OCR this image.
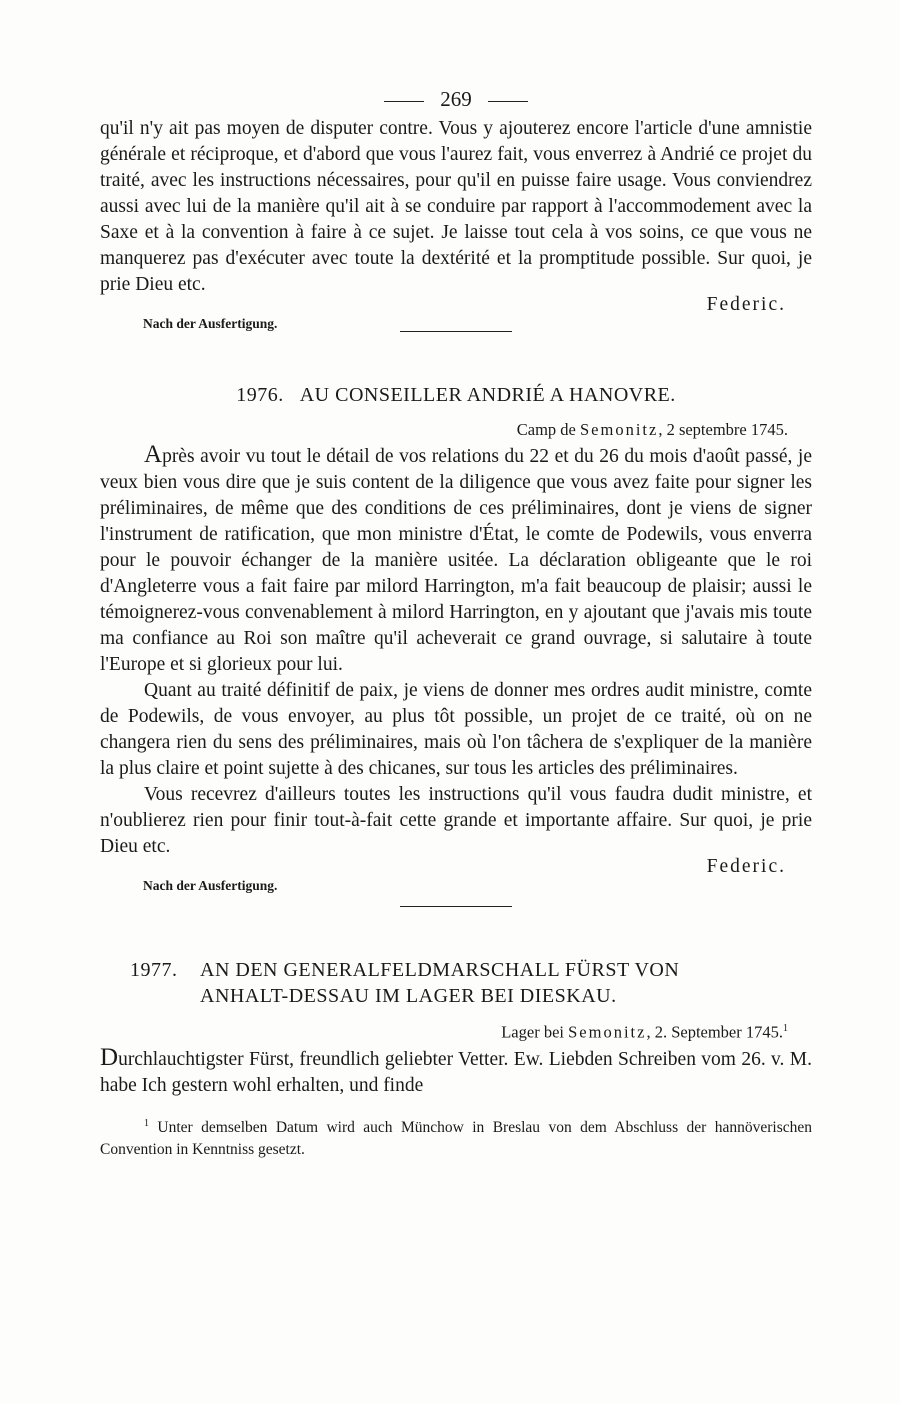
269

qu'il n'y ait pas moyen de disputer contre. Vous y ajouterez encore l'article d'une amnistie générale et réciproque, et d'abord que vous l'aurez fait, vous enverrez à Andrié ce projet du traité, avec les instructions nécessaires, pour qu'il en puisse faire usage. Vous conviendrez aussi avec lui de la manière qu'il ait à se conduire par rapport à l'accommodement avec la Saxe et à la convention à faire à ce sujet. Je laisse tout cela à vos soins, ce que vous ne manquerez pas d'exécuter avec toute la dextérité et la promptitude possible. Sur quoi, je prie Dieu etc.

Federic.
Nach der Ausfertigung.
1976. AU CONSEILLER ANDRIÉ A HANOVRE.
Camp de Semonitz, 2 septembre 1745.

Après avoir vu tout le détail de vos relations du 22 et du 26 du mois d'août passé, je veux bien vous dire que je suis content de la diligence que vous avez faite pour signer les préliminaires, de même que des conditions de ces préliminaires, dont je viens de signer l'instrument de ratification, que mon ministre d'État, le comte de Podewils, vous enverra pour le pouvoir échanger de la manière usitée. La déclaration obligeante que le roi d'Angleterre vous a fait faire par milord Harrington, m'a fait beaucoup de plaisir; aussi le témoignerez-vous convenablement à milord Harrington, en y ajoutant que j'avais mis toute ma confiance au Roi son maître qu'il acheverait ce grand ouvrage, si salutaire à toute l'Europe et si glorieux pour lui.

Quant au traité définitif de paix, je viens de donner mes ordres audit ministre, comte de Podewils, de vous envoyer, au plus tôt possible, un projet de ce traité, où on ne changera rien du sens des préliminaires, mais où l'on tâchera de s'expliquer de la manière la plus claire et point sujette à des chicanes, sur tous les articles des préliminaires.

Vous recevrez d'ailleurs toutes les instructions qu'il vous faudra dudit ministre, et n'oublierez rien pour finir tout-à-fait cette grande et importante affaire. Sur quoi, je prie Dieu etc.

Federic.
Nach der Ausfertigung.
1977. AN DEN GENERALFELDMARSCHALL FÜRST VON
ANHALT-DESSAU IM LAGER BEI DIESKAU.
Lager bei Semonitz, 2. September 1745.$^1$

Durchlauchtigster Fürst, freundlich geliebter Vetter. Ew. Liebden Schreiben vom 26. v. M. habe Ich gestern wohl erhalten, und finde

$^1$ Unter demselben Datum wird auch Münchow in Breslau von dem Abschluss der hannöverischen Convention in Kenntniss gesetzt.
